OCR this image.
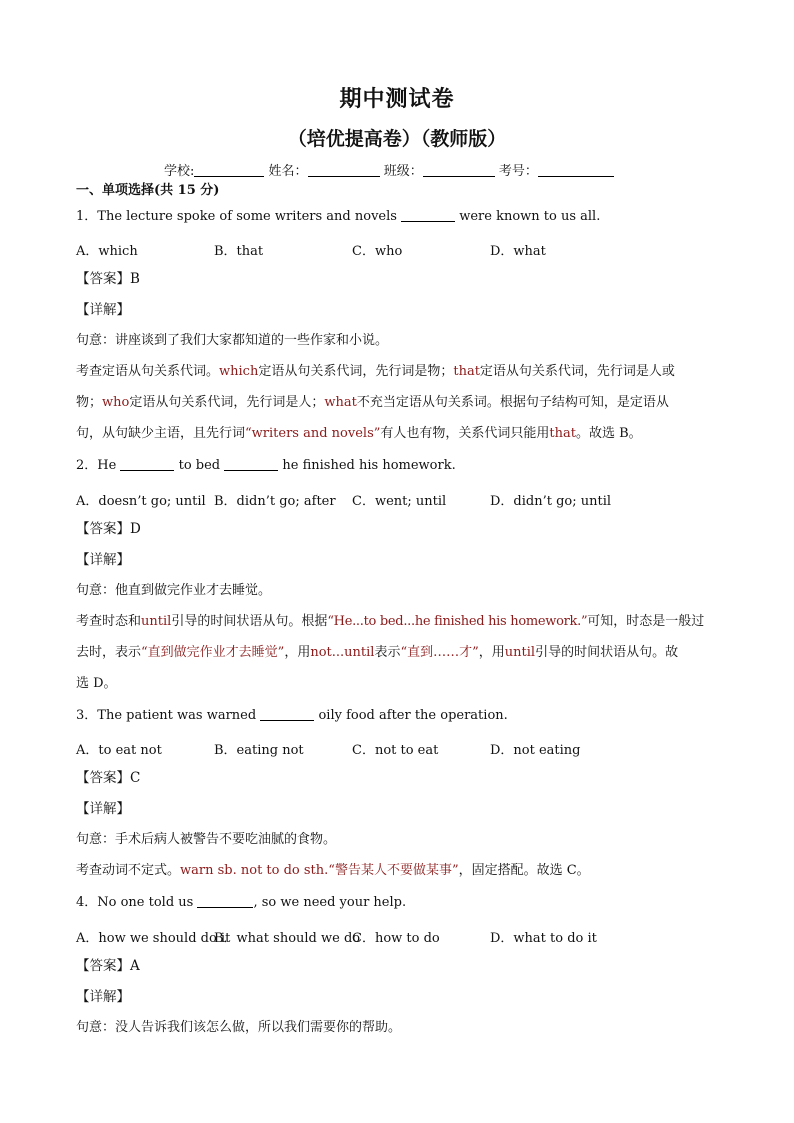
期中测试卷
（培优提高卷）（教师版）
学校:	姓名：	班级：	考号：
一、单项选择(共 15 分)
1．The lecture spoke of some writers and novels	were known to us all.
A．which	B．that	C．who	D．what
【答案】B
【详解】
句意：讲座谈到了我们大家都知道的一些作家和小说。
考查定语从句关系代词。which定语从句关系代词，先行词是物；that定语从句关系代词，先行词是人或
物；who定语从句关系代词，先行词是人；what不充当定语从句关系词。根据句子结构可知，是定语从
句，从句缺少主语，且先行词“writers and novels”有人也有物，关系代词只能用that。故选 B。
2．He	to bed	he finished his homework.
A．doesn’t go; until B．didn’t go; after C．went; until	D．didn’t go; until
【答案】D
【详解】
句意：他直到做完作业才去睡觉。
考查时态和until引导的时间状语从句。根据“He...to bed...he finished his homework.”可知，时态是一般过
去时，表示“直到做完作业才去睡觉”，用not...until表示“直到……才”，用until引导的时间状语从句。故
选 D。
3．The patient was warned	oily food after the operation.
A．to eat not	B．eating not	C．not to eat	D．not eating
【答案】C
【详解】
句意：手术后病人被警告不要吃油腻的食物。
考查动词不定式。warn sb. not to do sth.“警告某人不要做某事”，固定搭配。故选 C。
4．No one told us	, so we need your help.
A．how we should do it
B．what should we do
C．how to do	D．what to do it
【答案】A
【详解】
句意：没人告诉我们该怎么做，所以我们需要你的帮助。
